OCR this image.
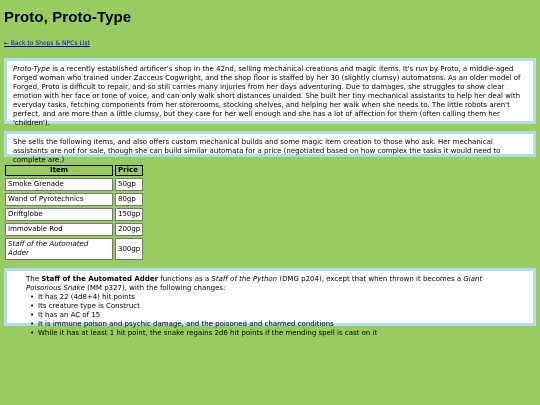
Proto, Proto-Type
← Back to Shops & NPCs List

Proto-Type is a recently established artificer's shop in the 42nd, selling mechanical creations and magic items. It's run by Proto, a middle-aged Forged woman who trained under Zacceus Cogwright, and the shop floor is staffed by her 30 (slightly clumsy) automatons. As an older model of Forged, Proto is difficult to repair, and so still carries many injuries from her days adventuring. Due to damages, she struggles to show clear emotion with her face or tone of voice, and can only walk short distances unaided. She built her tiny mechanical assistants to help her deal with everyday tasks, fetching components from her storerooms, stocking shelves, and helping her walk when she needs to. The little robots aren't perfect, and are more than a little clumsy, but they care for her well enough and she has a lot of affection for them (often calling them her 'children').

She sells the following items, and also offers custom mechanical builds and some magic item creation to those who ask. Her mechanical assistants are not for sale, though she can build similar automata for a price (negotiated based on how complex the tasks it would need to complete are.)

Item	Price
Smoke Grenade	50gp
Wand of Pyrotechnics	80gp
Driftglobe	150gp
Immovable Rod	200gp
Staff of the Automated Adder	300gp

The Staff of the Automated Adder functions as a Staff of the Python (DMG p204), except that when thrown it becomes a Giant Poisonous Snake (MM p327), with the following changes:

• It has 22 (4d8+4) hit points
• Its creature type is Construct
• It has an AC of 15
• It is immune poison and psychic damage, and the poisoned and charmed conditions
• While it has at least 1 hit point, the snake regains 2d6 hit points if the mending spell is cast on it
